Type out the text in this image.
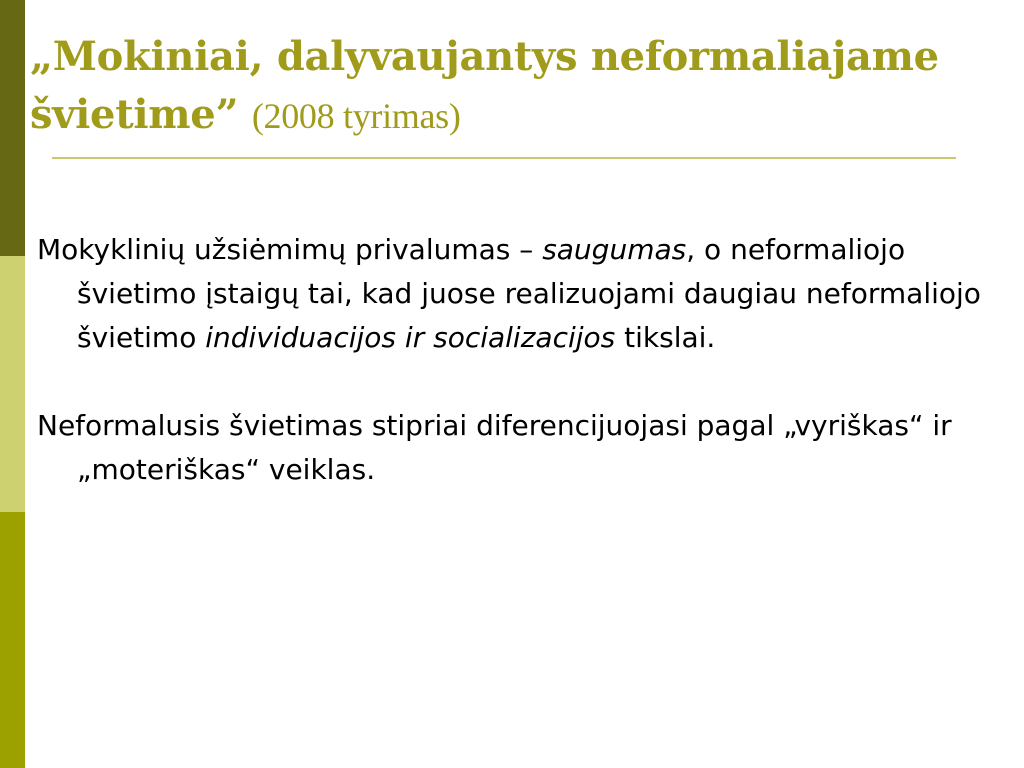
„Mokiniai, dalyvaujantys neformaliajame švietime” (2008 tyrimas)

Mokyklinių užsiėmimų privalumas – saugumas, o neformaliojo švietimo įstaigų tai, kad juose realizuojami daugiau neformaliojo švietimo individuacijos ir socializacijos tikslai.

Neformalusis švietimas stipriai diferencijuojasi pagal „vyriškas“ ir „moteriškas“ veiklas.
